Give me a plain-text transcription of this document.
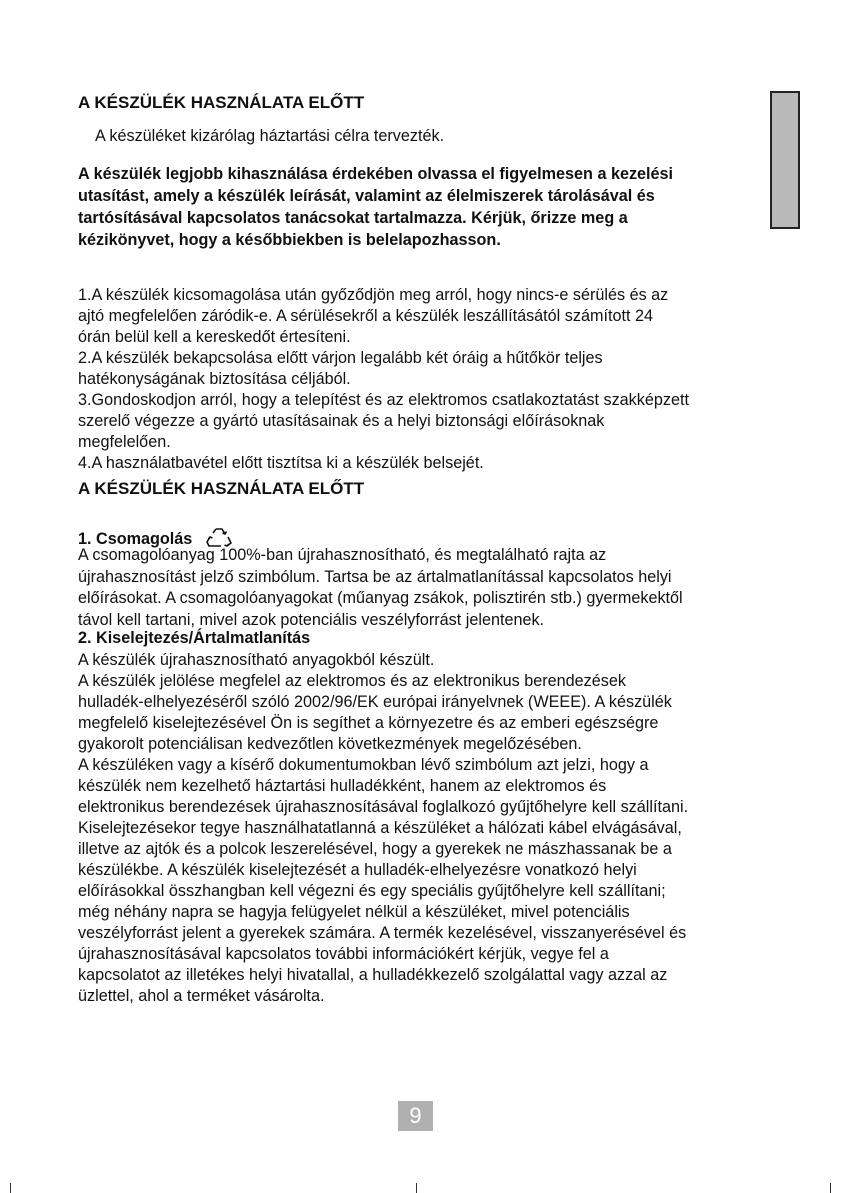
A KÉSZÜLÉK HASZNÁLATA ELŐTT
A készüléket kizárólag háztartási célra tervezték.
A készülék legjobb kihasználása érdekében olvassa el figyelmesen a kezelési
utasítást, amely a készülék leírását, valamint az élelmiszerek tárolásával és
tartósításával kapcsolatos tanácsokat tartalmazza. Kérjük, őrizze meg a
kézikönyvet, hogy a későbbiekben is belelapozhasson.
1.A készülék kicsomagolása után győződjön meg arról, hogy nincs-e sérülés és az
ajtó megfelelően záródik-e. A sérülésekről a készülék leszállításától számított 24
órán belül kell a kereskedőt értesíteni.
2.A készülék bekapcsolása előtt várjon legalább két óráig a hűtőkör teljes
hatékonyságának biztosítása céljából.
3.Gondoskodjon arról, hogy a telepítést és az elektromos csatlakoztatást szakképzett
szerelő végezze a gyártó utasításainak és a helyi biztonsági előírásoknak
megfelelően.
4.A használatbavétel előtt tisztítsa ki a készülék belsejét.
A KÉSZÜLÉK HASZNÁLATA ELŐTT
1. Csomagolás
A csomagolóanyag 100%-ban újrahasznosítható, és megtalálható rajta az
újrahasznosítást jelző szimbólum. Tartsa be az ártalmatlanítással kapcsolatos helyi
előírásokat. A csomagolóanyagokat (műanyag zsákok, polisztirén stb.) gyermekektől
távol kell tartani, mivel azok potenciális veszélyforrást jelentenek.
2. Kiselejtezés/Ártalmatlanítás
A készülék újrahasznosítható anyagokból készült.
A készülék jelölése megfelel az elektromos és az elektronikus berendezések
hulladék-elhelyezéséről szóló 2002/96/EK európai irányelvnek (WEEE). A készülék
megfelelő kiselejtezésével Ön is segíthet a környezetre és az emberi egészségre
gyakorolt potenciálisan kedvezőtlen következmények megelőzésében.
A készüléken vagy a kísérő dokumentumokban lévő szimbólum azt jelzi, hogy a
készülék nem kezelhető háztartási hulladékként, hanem az elektromos és
elektronikus berendezések újrahasznosításával foglalkozó gyűjtőhelyre kell szállítani.
Kiselejtezésekor tegye használhatatlanná a készüléket a hálózati kábel elvágásával,
illetve az ajtók és a polcok leszerelésével, hogy a gyerekek ne mászhassanak be a
készülékbe. A készülék kiselejtezését a hulladék-elhelyezésre vonatkozó helyi
előírásokkal összhangban kell végezni és egy speciális gyűjtőhelyre kell szállítani;
még néhány napra se hagyja felügyelet nélkül a készüléket, mivel potenciális
veszélyforrást jelent a gyerekek számára. A termék kezelésével, visszanyerésével és
újrahasznosításával kapcsolatos további információkért kérjük, vegye fel a
kapcsolatot az illetékes helyi hivatallal, a hulladékkezelő szolgálattal vagy azzal az
üzlettel, ahol a terméket vásárolta.
9
